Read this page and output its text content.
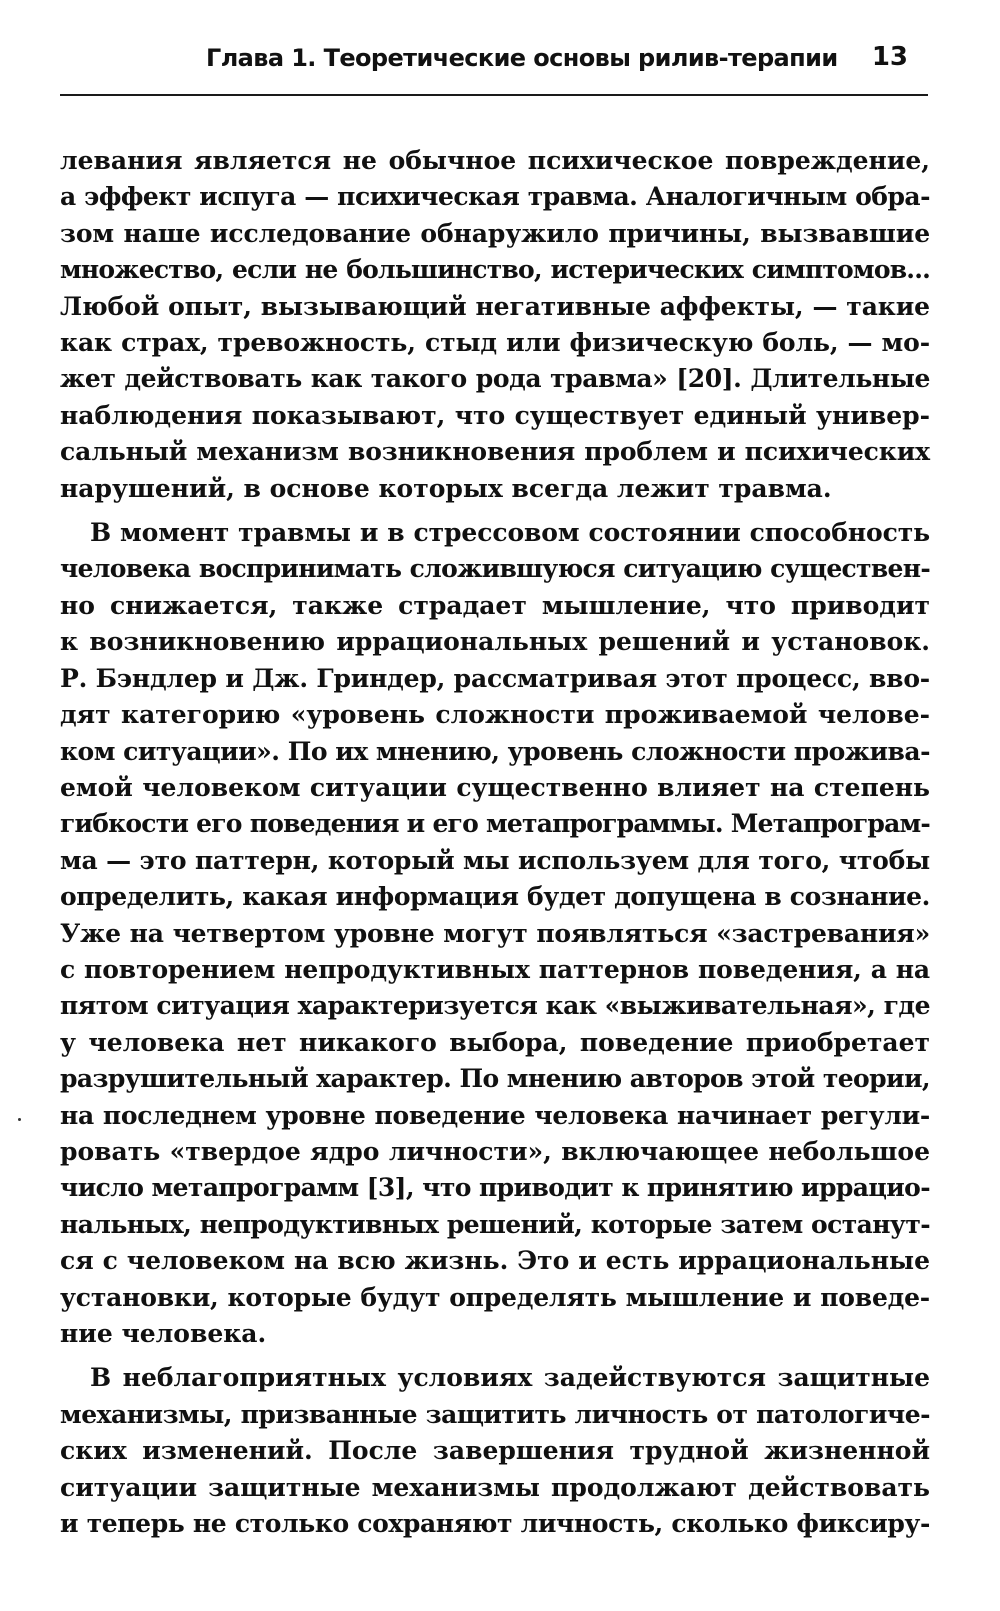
Глава 1. Теоретические основы рилив-терапии 13
левания является не обычное психическое повреждение,
а эффект испуга — психическая травма. Аналогичным обра-
зом наше исследование обнаружило причины, вызвавшие
множество, если не большинство, истерических симптомов...
Любой опыт, вызывающий негативные аффекты, — такие
как страх, тревожность, стыд или физическую боль, — мо-
жет действовать как такого рода травма» [20]. Длительные
наблюдения показывают, что существует единый универ-
сальный механизм возникновения проблем и психических
нарушений, в основе которых всегда лежит травма.
В момент травмы и в стрессовом состоянии способность
человека воспринимать сложившуюся ситуацию существен-
но снижается, также страдает мышление, что приводит
к возникновению иррациональных решений и установок.
Р. Бэндлер и Дж. Гриндер, рассматривая этот процесс, вво-
дят категорию «уровень сложности проживаемой челове-
ком ситуации». По их мнению, уровень сложности прожива-
емой человеком ситуации существенно влияет на степень
гибкости его поведения и его метапрограммы. Метапрограм-
ма — это паттерн, который мы используем для того, чтобы
определить, какая информация будет допущена в сознание.
Уже на четвертом уровне могут появляться «застревания»
с повторением непродуктивных паттернов поведения, а на
пятом ситуация характеризуется как «выживательная», где
у человека нет никакого выбора, поведение приобретает
разрушительный характер. По мнению авторов этой теории,
на последнем уровне поведение человека начинает регули-
ровать «твердое ядро личности», включающее небольшое
число метапрограмм [3], что приводит к принятию иррацио-
нальных, непродуктивных решений, которые затем останут-
ся с человеком на всю жизнь. Это и есть иррациональные
установки, которые будут определять мышление и поведе-
ние человека.
В неблагоприятных условиях задействуются защитные
механизмы, призванные защитить личность от патологиче-
ских изменений. После завершения трудной жизненной
ситуации защитные механизмы продолжают действовать
и теперь не столько сохраняют личность, сколько фиксиру-
